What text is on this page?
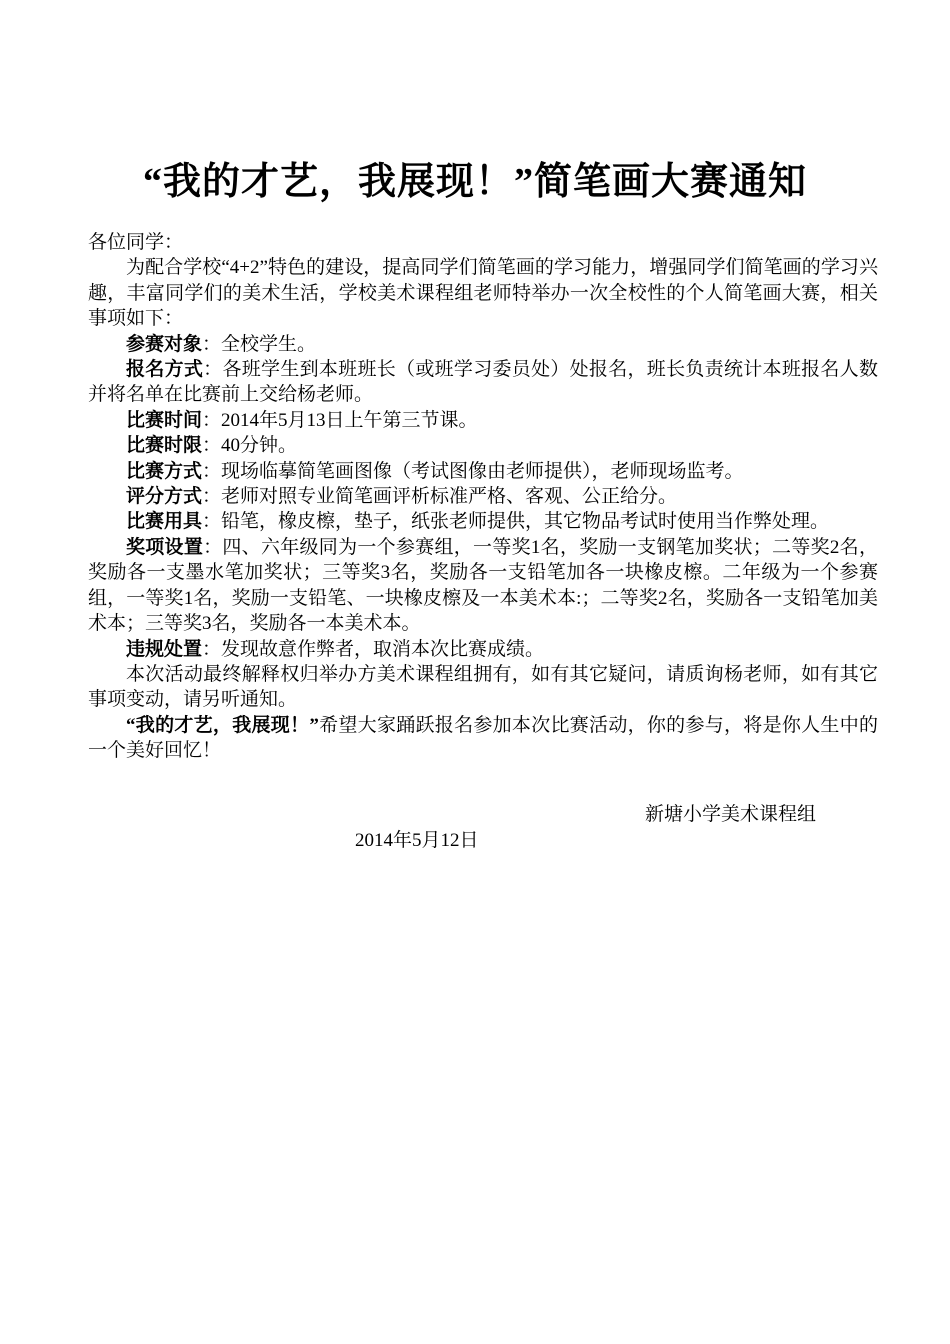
“我的才艺，我展现！”简笔画大赛通知

各位同学：

为配合学校“4+2”特色的建设，提高同学们简笔画的学习能力，增强同学们简笔画的学习兴趣，丰富同学们的美术生活，学校美术课程组老师特举办一次全校性的个人简笔画大赛，相关事项如下：

参赛对象：全校学生。

报名方式：各班学生到本班班长（或班学习委员处）处报名，班长负责统计本班报名人数并将名单在比赛前上交给杨老师。

比赛时间：2014年5月13日上午第三节课。

比赛时限：40分钟。

比赛方式：现场临摹简笔画图像（考试图像由老师提供），老师现场监考。

评分方式：老师对照专业简笔画评析标准严格、客观、公正给分。

比赛用具：铅笔，橡皮檫，垫子，纸张老师提供，其它物品考试时使用当作弊处理。

奖项设置：四、六年级同为一个参赛组，一等奖1名，奖励一支钢笔加奖状；二等奖2名，奖励各一支墨水笔加奖状；三等奖3名，奖励各一支铅笔加各一块橡皮檫。二年级为一个参赛组，一等奖1名，奖励一支铅笔、一块橡皮檫及一本美术本:；二等奖2名，奖励各一支铅笔加美术本；三等奖3名，奖励各一本美术本。

违规处置：发现故意作弊者，取消本次比赛成绩。

本次活动最终解释权归举办方美术课程组拥有，如有其它疑问，请质询杨老师，如有其它事项变动，请另听通知。

“我的才艺，我展现！”希望大家踊跃报名参加本次比赛活动，你的参与，将是你人生中的一个美好回忆！

新塘小学美术课程组
2014年5月12日
